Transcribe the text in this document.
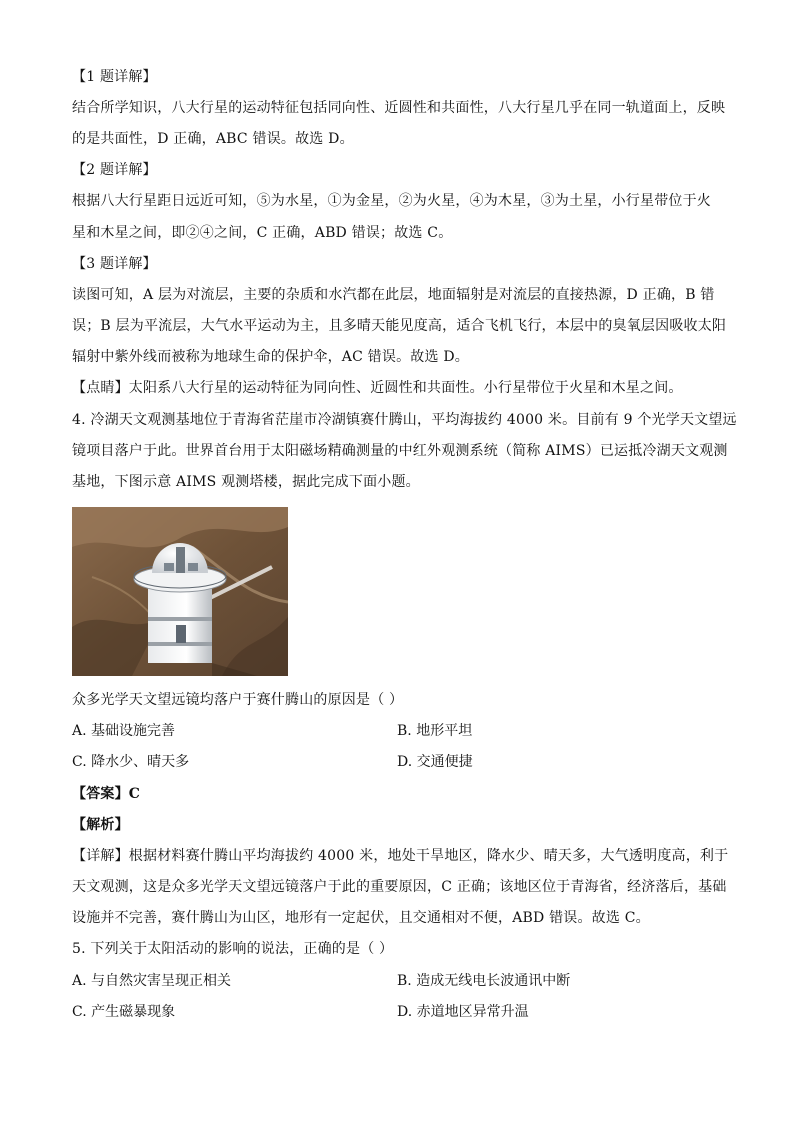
【1 题详解】
结合所学知识，八大行星的运动特征包括同向性、近圆性和共面性，八大行星几乎在同一轨道面上，反映
的是共面性，D 正确，ABC 错误。故选 D。
【2 题详解】
根据八大行星距日远近可知，⑤为水星，①为金星，②为火星，④为木星，③为土星，小行星带位于火
星和木星之间，即②④之间，C 正确，ABD 错误；故选 C。
【3 题详解】
读图可知，A 层为对流层，主要的杂质和水汽都在此层，地面辐射是对流层的直接热源，D 正确，B 错
误；B 层为平流层，大气水平运动为主，且多晴天能见度高，适合飞机飞行，本层中的臭氧层因吸收太阳
辐射中紫外线而被称为地球生命的保护伞，AC 错误。故选 D。
【点睛】太阳系八大行星的运动特征为同向性、近圆性和共面性。小行星带位于火星和木星之间。
4. 冷湖天文观测基地位于青海省茫崖市冷湖镇赛什腾山，平均海拔约 4000 米。目前有 9 个光学天文望远
镜项目落户于此。世界首台用于太阳磁场精确测量的中红外观测系统（简称 AIMS）已运抵冷湖天文观测
基地，下图示意 AIMS 观测塔楼，据此完成下面小题。
众多光学天文望远镜均落户于赛什腾山的原因是（ ）
A. 基础设施完善	B. 地形平坦
C. 降水少、晴天多	D. 交通便捷
【答案】C
【解析】
【详解】根据材料赛什腾山平均海拔约 4000 米，地处干旱地区，降水少、晴天多，大气透明度高，利于
天文观测，这是众多光学天文望远镜落户于此的重要原因，C 正确；该地区位于青海省，经济落后，基础
设施并不完善，赛什腾山为山区，地形有一定起伏，且交通相对不便，ABD 错误。故选 C。
5. 下列关于太阳活动的影响的说法，正确的是（ ）
A. 与自然灾害呈现正相关	B. 造成无线电长波通讯中断
C. 产生磁暴现象	D. 赤道地区异常升温
